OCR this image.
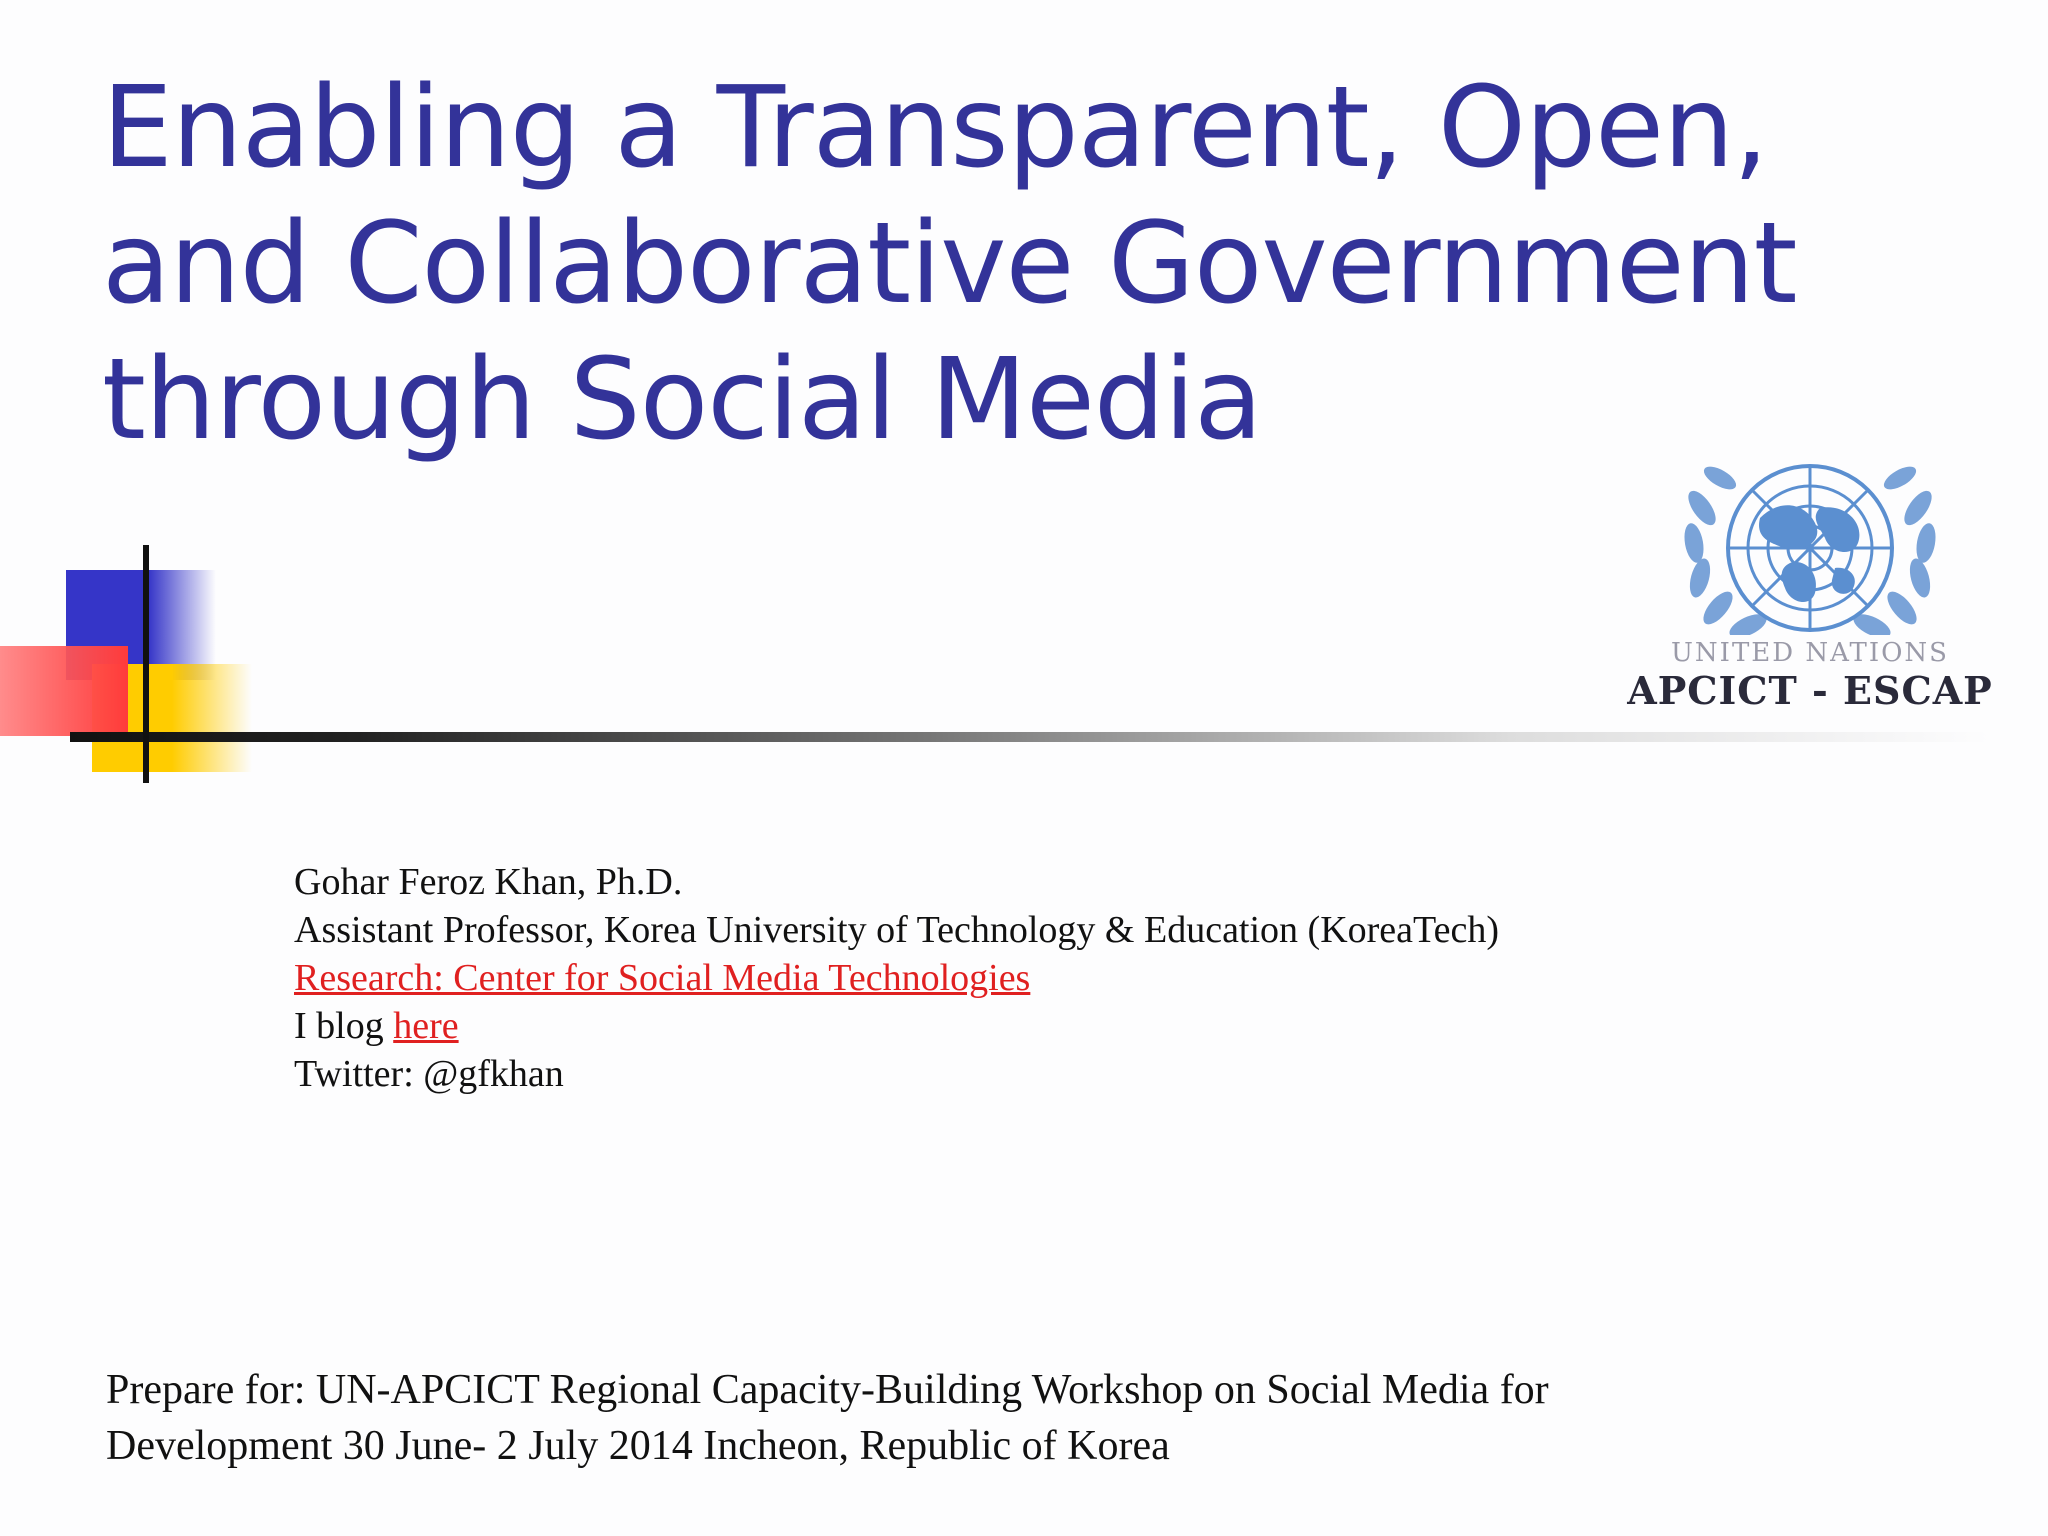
Enabling a Transparent, Open,
and Collaborative Government
through Social Media
UNITED NATIONS
APCICT - ESCAP
Gohar Feroz Khan, Ph.D.
Assistant Professor, Korea University of Technology & Education (KoreaTech)
Research: Center for Social Media Technologies
I blog here
Twitter: @gfkhan
Prepare for: UN-APCICT Regional Capacity-Building Workshop on Social Media for
Development 30 June- 2 July 2014 Incheon, Republic of Korea
